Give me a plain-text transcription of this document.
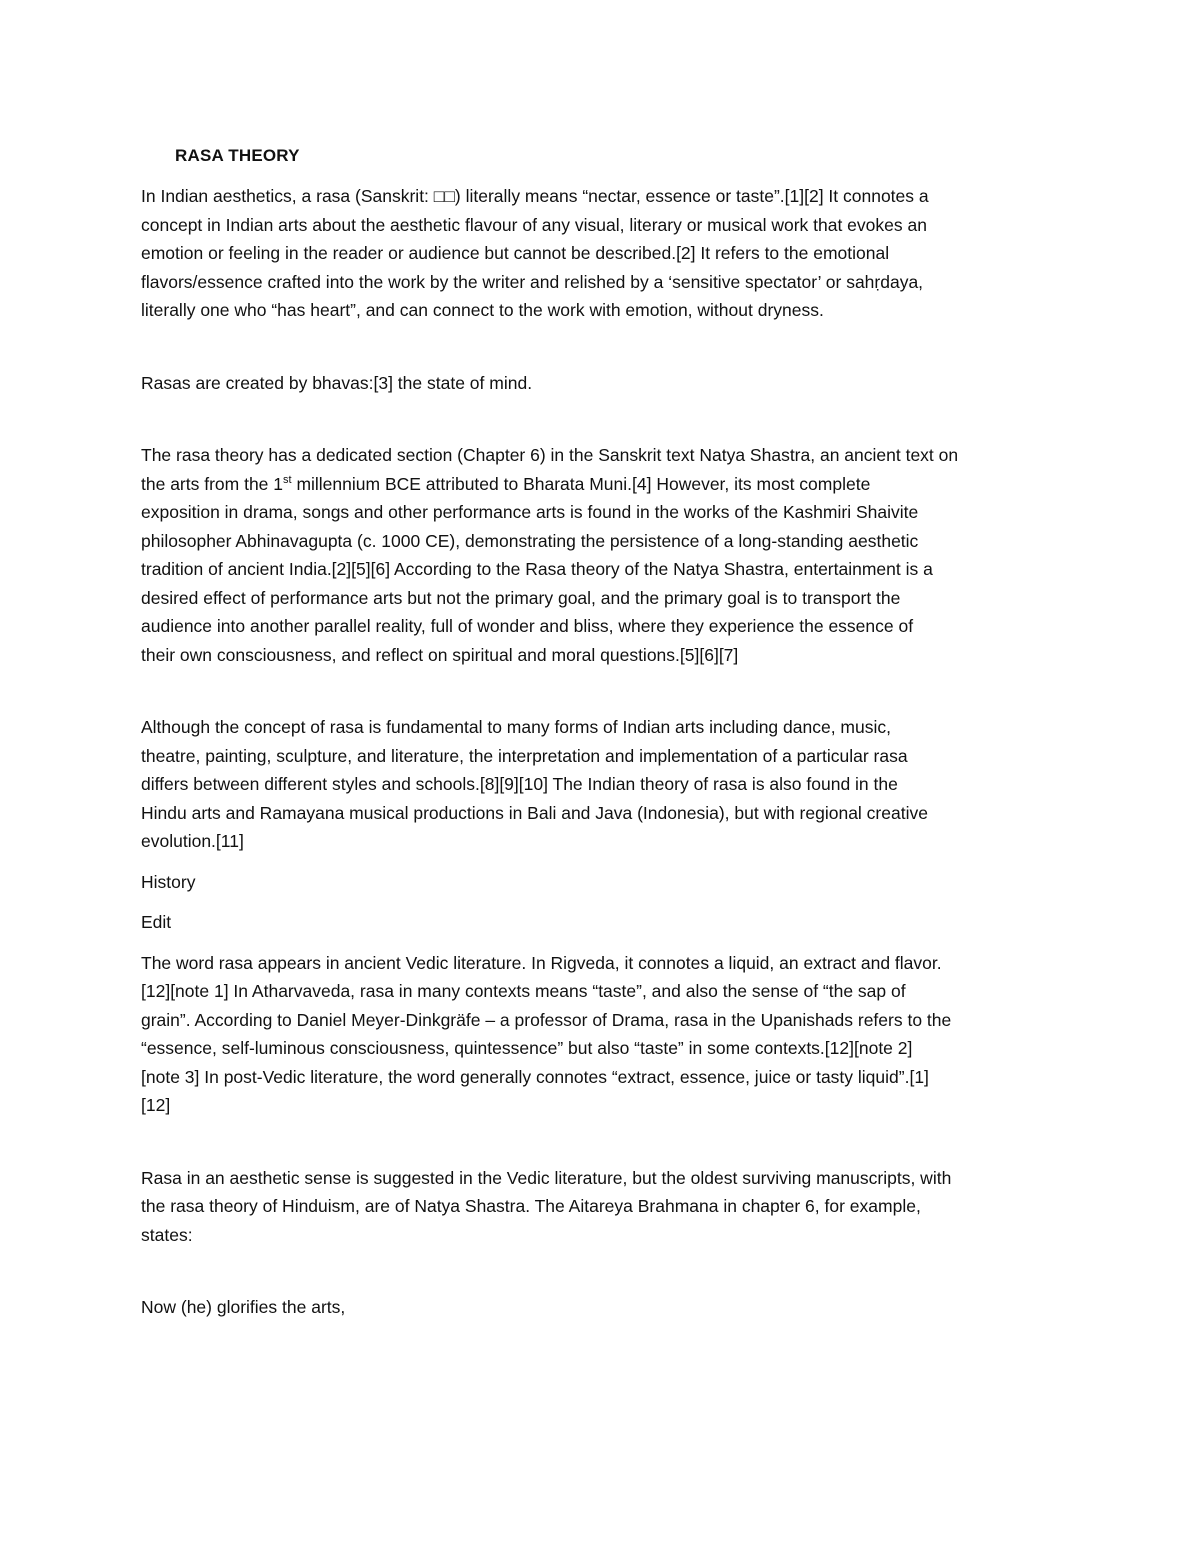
RASA THEORY

In Indian aesthetics, a rasa (Sanskrit: □□) literally means “nectar, essence or taste”.[1][2] It connotes a
concept in Indian arts about the aesthetic flavour of any visual, literary or musical work that evokes an
emotion or feeling in the reader or audience but cannot be described.[2] It refers to the emotional
flavors/essence crafted into the work by the writer and relished by a ‘sensitive spectator’ or sahṛdaya,
literally one who “has heart”, and can connect to the work with emotion, without dryness.

Rasas are created by bhavas:[3] the state of mind.

The rasa theory has a dedicated section (Chapter 6) in the Sanskrit text Natya Shastra, an ancient text on

the arts from the 1st millennium BCE attributed to Bharata Muni.[4] However, its most complete

exposition in drama, songs and other performance arts is found in the works of the Kashmiri Shaivite
philosopher Abhinavagupta (c. 1000 CE), demonstrating the persistence of a long-standing aesthetic
tradition of ancient India.[2][5][6] According to the Rasa theory of the Natya Shastra, entertainment is a
desired effect of performance arts but not the primary goal, and the primary goal is to transport the
audience into another parallel reality, full of wonder and bliss, where they experience the essence of
their own consciousness, and reflect on spiritual and moral questions.[5][6][7]

Although the concept of rasa is fundamental to many forms of Indian arts including dance, music,
theatre, painting, sculpture, and literature, the interpretation and implementation of a particular rasa
differs between different styles and schools.[8][9][10] The Indian theory of rasa is also found in the
Hindu arts and Ramayana musical productions in Bali and Java (Indonesia), but with regional creative
evolution.[11]

History

Edit

The word rasa appears in ancient Vedic literature. In Rigveda, it connotes a liquid, an extract and flavor.
[12][note 1] In Atharvaveda, rasa in many contexts means “taste”, and also the sense of “the sap of
grain”. According to Daniel Meyer-Dinkgräfe – a professor of Drama, rasa in the Upanishads refers to the
“essence, self-luminous consciousness, quintessence” but also “taste” in some contexts.[12][note 2]
[note 3] In post-Vedic literature, the word generally connotes “extract, essence, juice or tasty liquid”.[1]
[12]

Rasa in an aesthetic sense is suggested in the Vedic literature, but the oldest surviving manuscripts, with
the rasa theory of Hinduism, are of Natya Shastra. The Aitareya Brahmana in chapter 6, for example,
states:

Now (he) glorifies the arts,
